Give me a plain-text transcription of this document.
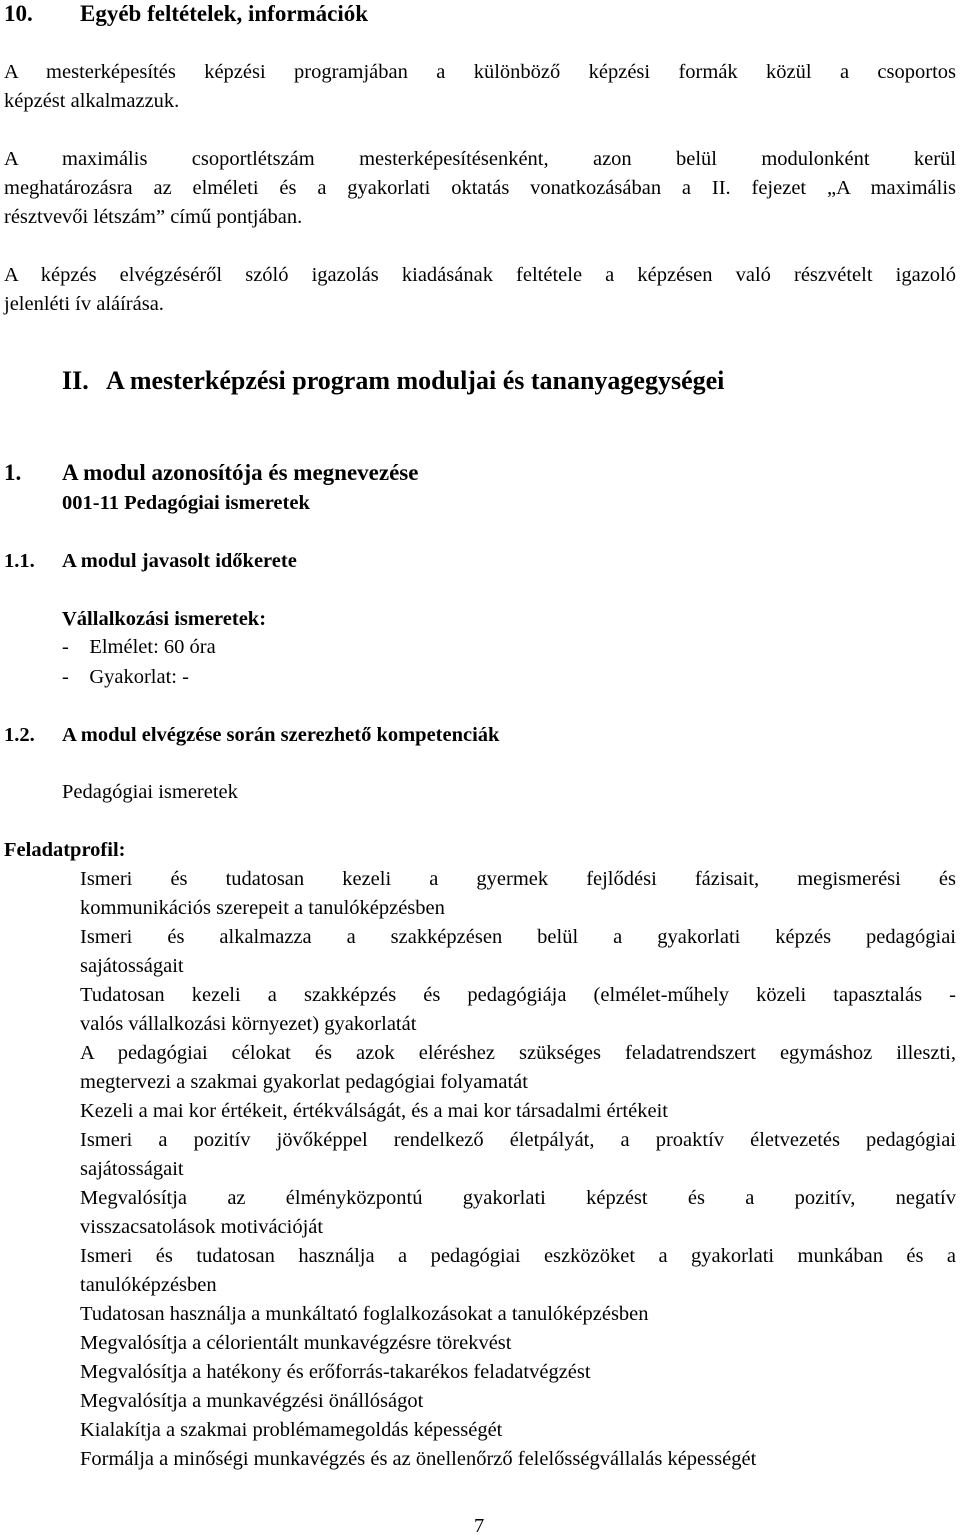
10. Egyéb feltételek, információk
A mesterképesítés képzési programjában a különböző képzési formák közül a csoportos
képzést alkalmazzuk.
A maximális csoportlétszám mesterképesítésenként, azon belül modulonként kerül
meghatározásra az elméleti és a gyakorlati oktatás vonatkozásában a II. fejezet „A maximális
résztvevői létszám” című pontjában.
A képzés elvégzéséről szóló igazolás kiadásának feltétele a képzésen való részvételt igazoló
jelenléti ív aláírása.
II. A mesterképzési program moduljai és tananyagegységei
1. A modul azonosítója és megnevezése
001-11 Pedagógiai ismeretek
1.1. A modul javasolt időkerete
Vállalkozási ismeretek:
-    Elmélet: 60 óra
-    Gyakorlat: -
1.2. A modul elvégzése során szerezhető kompetenciák
Pedagógiai ismeretek
Feladatprofil:
Ismeri és tudatosan kezeli a gyermek fejlődési fázisait, megismerési és
kommunikációs szerepeit a tanulóképzésben
Ismeri és alkalmazza a szakképzésen belül a gyakorlati képzés pedagógiai
sajátosságait
Tudatosan kezeli a szakképzés és pedagógiája (elmélet-műhely közeli tapasztalás -
valós vállalkozási környezet) gyakorlatát
A pedagógiai célokat és azok eléréshez szükséges feladatrendszert egymáshoz illeszti,
megtervezi a szakmai gyakorlat pedagógiai folyamatát
Kezeli a mai kor értékeit, értékválságát, és a mai kor társadalmi értékeit
Ismeri a pozitív jövőképpel rendelkező életpályát, a proaktív életvezetés pedagógiai
sajátosságait
Megvalósítja az élményközpontú gyakorlati képzést és a pozitív, negatív
visszacsatolások motivációját
Ismeri és tudatosan használja a pedagógiai eszközöket a gyakorlati munkában és a
tanulóképzésben
Tudatosan használja a munkáltató foglalkozásokat a tanulóképzésben
Megvalósítja a célorientált munkavégzésre törekvést
Megvalósítja a hatékony és erőforrás-takarékos feladatvégzést
Megvalósítja a munkavégzési önállóságot
Kialakítja a szakmai problémamegoldás képességét
Formálja a minőségi munkavégzés és az önellenőrző felelősségvállalás képességét
7
